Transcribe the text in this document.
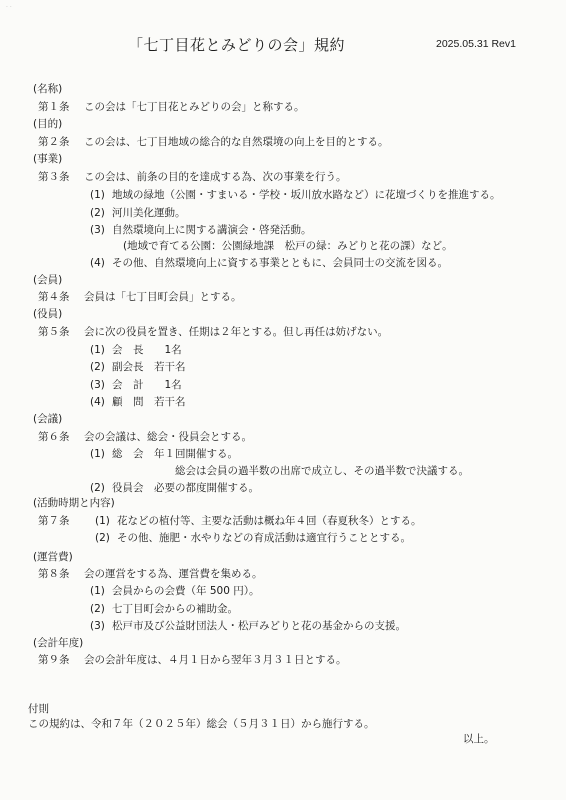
· ·
「七丁目花とみどりの会」規約	2025.05.31 Rev1
(名称)
第１条 この会は「七丁目花とみどりの会」と称する。
(目的)
第２条 この会は、七丁目地域の総合的な自然環境の向上を目的とする。
(事業)
第３条 この会は、前条の目的を達成する為、次の事業を行う。
(1) 地域の緑地（公園・すまいる・学校・坂川放水路など）に花壇づくりを推進する。
(2) 河川美化運動。
(3) 自然環境向上に関する講演会・啓発活動。
(地域で育てる公園：公園緑地課　松戸の緑：みどりと花の課）など。
(4) その他、自然環境向上に資する事業とともに、会員同士の交流を図る。
(会員)
第４条 会員は「七丁目町会員」とする。
(役員)
第５条 会に次の役員を置き、任期は２年とする。但し再任は妨げない。
(1) 会　長　　1名
(2) 副会長　若干名
(3) 会　計　　1名
(4) 顧　問　若干名
(会議)
第６条 会の会議は、総会・役員会とする。
(1) 総　会　年１回開催する。
総会は会員の過半数の出席で成立し、その過半数で決議する。
(2) 役員会　必要の都度開催する。
(活動時期と内容)
第７条 (1) 花などの植付等、主要な活動は概ね年４回（春夏秋冬）とする。
(2) その他、施肥・水やりなどの育成活動は適宜行うこととする。
(運営費)
第８条 会の運営をする為、運営費を集める。
(1) 会員からの会費（年 500 円）。
(2) 七丁目町会からの補助金。
(3) 松戸市及び公益財団法人・松戸みどりと花の基金からの支援。
(会計年度)
第９条 会の会計年度は、４月１日から翌年３月３１日とする。
付則
この規約は、令和７年（２０２５年）総会（５月３１日）から施行する。
以上。
